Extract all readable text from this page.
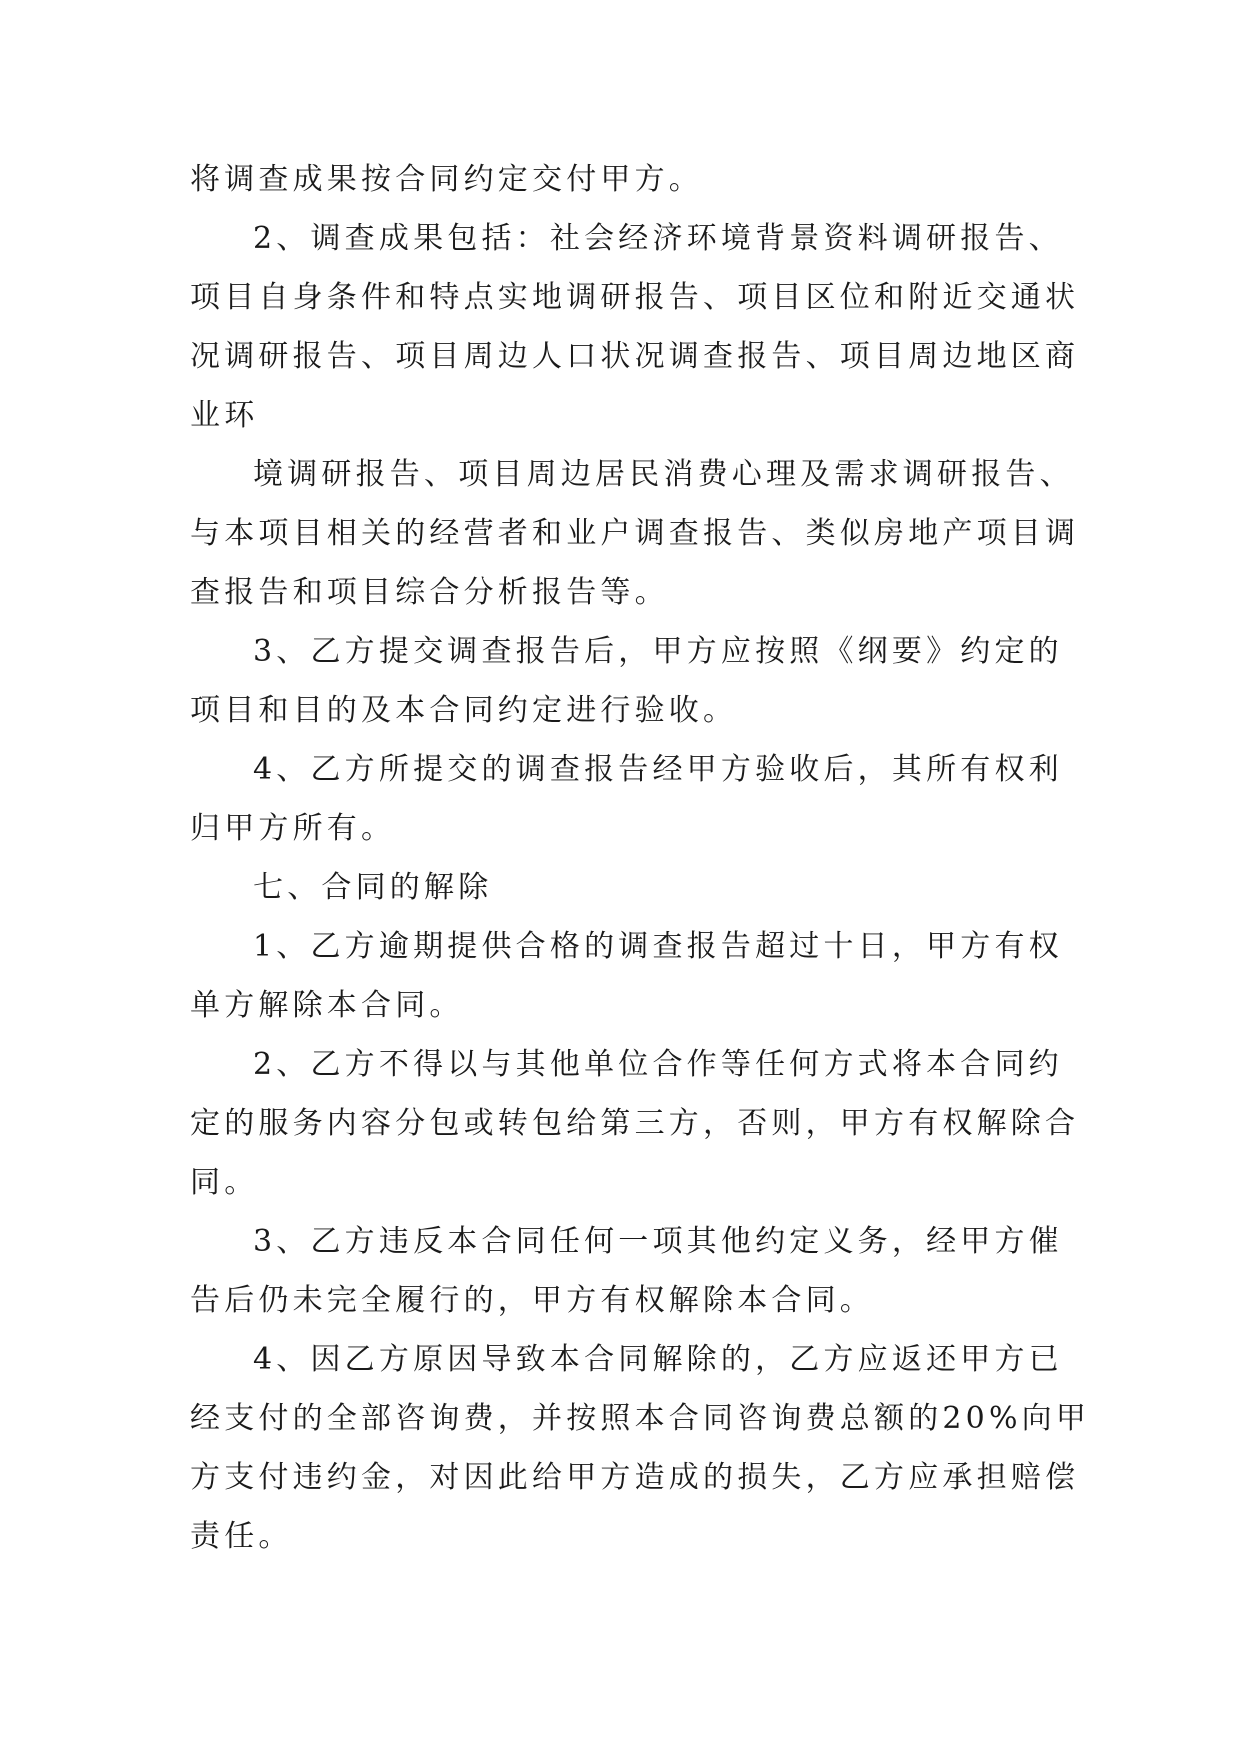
将调查成果按合同约定交付甲方。
2、调查成果包括：社会经济环境背景资料调研报告、
项目自身条件和特点实地调研报告、项目区位和附近交通状
况调研报告、项目周边人口状况调查报告、项目周边地区商
业环
境调研报告、项目周边居民消费心理及需求调研报告、
与本项目相关的经营者和业户调查报告、类似房地产项目调
查报告和项目综合分析报告等。
3、乙方提交调查报告后，甲方应按照《纲要》约定的
项目和目的及本合同约定进行验收。
4、乙方所提交的调查报告经甲方验收后，其所有权利
归甲方所有。
七、合同的解除
1、乙方逾期提供合格的调查报告超过十日，甲方有权
单方解除本合同。
2、乙方不得以与其他单位合作等任何方式将本合同约
定的服务内容分包或转包给第三方，否则，甲方有权解除合
同。
3、乙方违反本合同任何一项其他约定义务，经甲方催
告后仍未完全履行的，甲方有权解除本合同。
4、因乙方原因导致本合同解除的，乙方应返还甲方已
经支付的全部咨询费，并按照本合同咨询费总额的20%向甲
方支付违约金，对因此给甲方造成的损失，乙方应承担赔偿
责任。
